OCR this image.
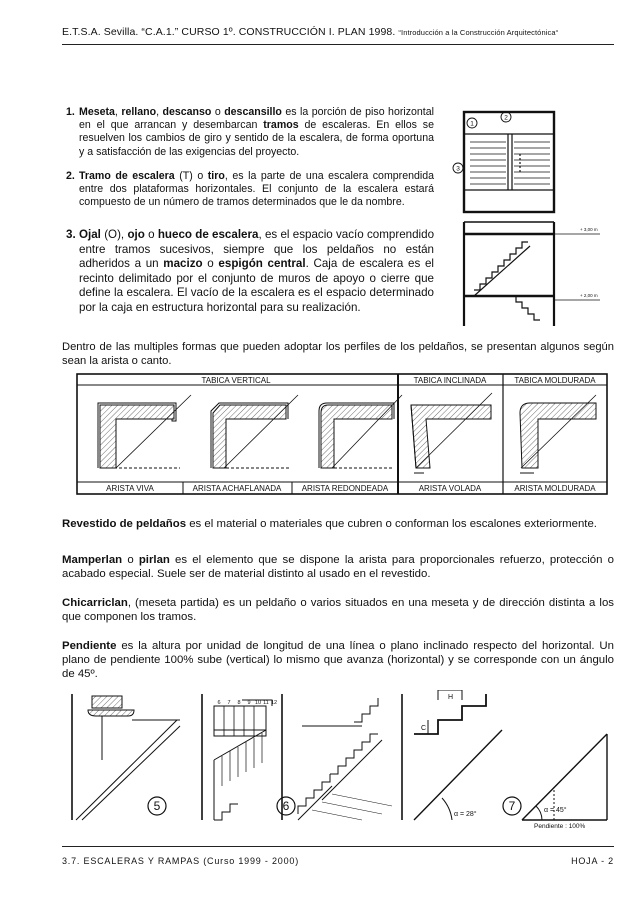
E.T.S.A. Sevilla. “C.A.1.” CURSO 1º. CONSTRUCCIÓN I. PLAN 1998. “Introducción a la Construcción Arquitectónica“
1. Meseta, rellano, descanso o descansillo es la porción de piso horizontal en el que arrancan y desembarcan tramos de escaleras. En ellos se resuelven los cambios de giro y sentido de la escalera, de forma oportuna y a satisfacción de las exigencias del proyecto.
2. Tramo de escalera (T) o tiro, es la parte de una escalera comprendida entre dos plataformas horizontales. El conjunto de la escalera estará compuesto de un número de tramos determinados que le da nombre.
3. Ojal (O), ojo o hueco de escalera, es el espacio vacío comprendido entre tramos sucesivos, siempre que los peldaños no están adheridos a un macizo o espigón central. Caja de escalera es el recinto delimitado por el conjunto de muros de apoyo o cierre que define la escalera. El vacío de la escalera es el espacio determinado por la caja en estructura horizontal para su realización.
1
2
3
+ 3,00 m
+ 2,00 m
Dentro de las multiples formas que pueden adoptar los perfiles de los peldaños, se presentan algunos según sean la arista o canto.
TABICA VERTICAL	TABICA INCLINADA	TABICA MOLDURADA
ARISTA VIVA	ARISTA ACHAFLANADA	ARISTA REDONDEADA	ARISTA VOLADA	ARISTA MOLDURADA
Revestido de peldaños es el material o materiales que cubren o conforman los escalones exteriormente.
Mamperlan o pirlan es el elemento que se dispone la arista para proporcionales refuerzo, protección o acabado especial. Suele ser de material distinto al usado en el revestido.
Chicarriclan, (meseta partida) es un peldaño o varios situados en una meseta y de dirección distinta a los que componen los tramos.
Pendiente es la altura por unidad de longitud de una línea o plano inclinado respecto del horizontal. Un plano de pendiente 100% sube (vertical) lo mismo que avanza (horizontal) y se corresponde con un ángulo de 45º.
5	6	7
6 7 8 9 10 11 12
H
C
α = 28°
α = 45°
Pendiente : 100%
3.7. ESCALERAS Y RAMPAS (Curso 1999 - 2000)	HOJA - 2
